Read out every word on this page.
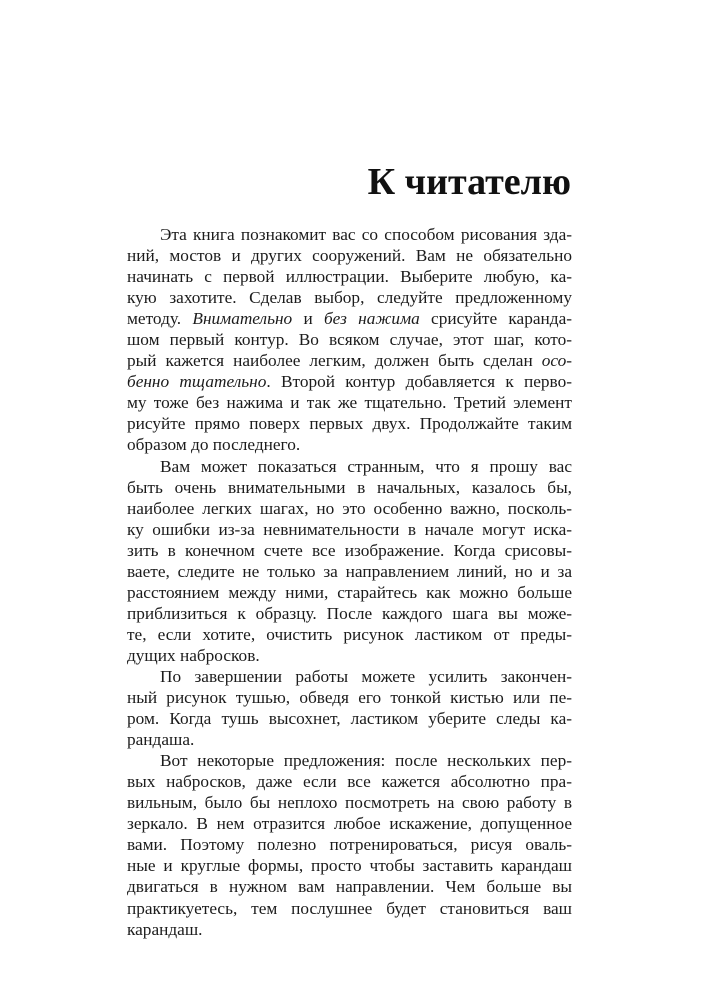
К читателю
Эта книга познакомит вас со способом рисования зда-
ний, мостов и других сооружений. Вам не обязательно
начинать с первой иллюстрации. Выберите любую, ка-
кую захотите. Сделав выбор, следуйте предложенному
методу. Внимательно и без нажима срисуйте каранда-
шом первый контур. Во всяком случае, этот шаг, кото-
рый кажется наиболее легким, должен быть сделан осо-
бенно тщательно. Второй контур добавляется к перво-
му тоже без нажима и так же тщательно. Третий элемент
рисуйте прямо поверх первых двух. Продолжайте таким
образом до последнего.
Вам может показаться странным, что я прошу вас
быть очень внимательными в начальных, казалось бы,
наиболее легких шагах, но это особенно важно, посколь-
ку ошибки из-за невнимательности в начале могут иска-
зить в конечном счете все изображение. Когда срисовы-
ваете, следите не только за направлением линий, но и за
расстоянием между ними, старайтесь как можно больше
приблизиться к образцу. После каждого шага вы може-
те, если хотите, очистить рисунок ластиком от преды-
дущих набросков.
По завершении работы можете усилить закончен-
ный рисунок тушью, обведя его тонкой кистью или пе-
ром. Когда тушь высохнет, ластиком уберите следы ка-
рандаша.
Вот некоторые предложения: после нескольких пер-
вых набросков, даже если все кажется абсолютно пра-
вильным, было бы неплохо посмотреть на свою работу в
зеркало. В нем отразится любое искажение, допущенное
вами. Поэтому полезно потренироваться, рисуя оваль-
ные и круглые формы, просто чтобы заставить карандаш
двигаться в нужном вам направлении. Чем больше вы
практикуетесь, тем послушнее будет становиться ваш
карандаш.
